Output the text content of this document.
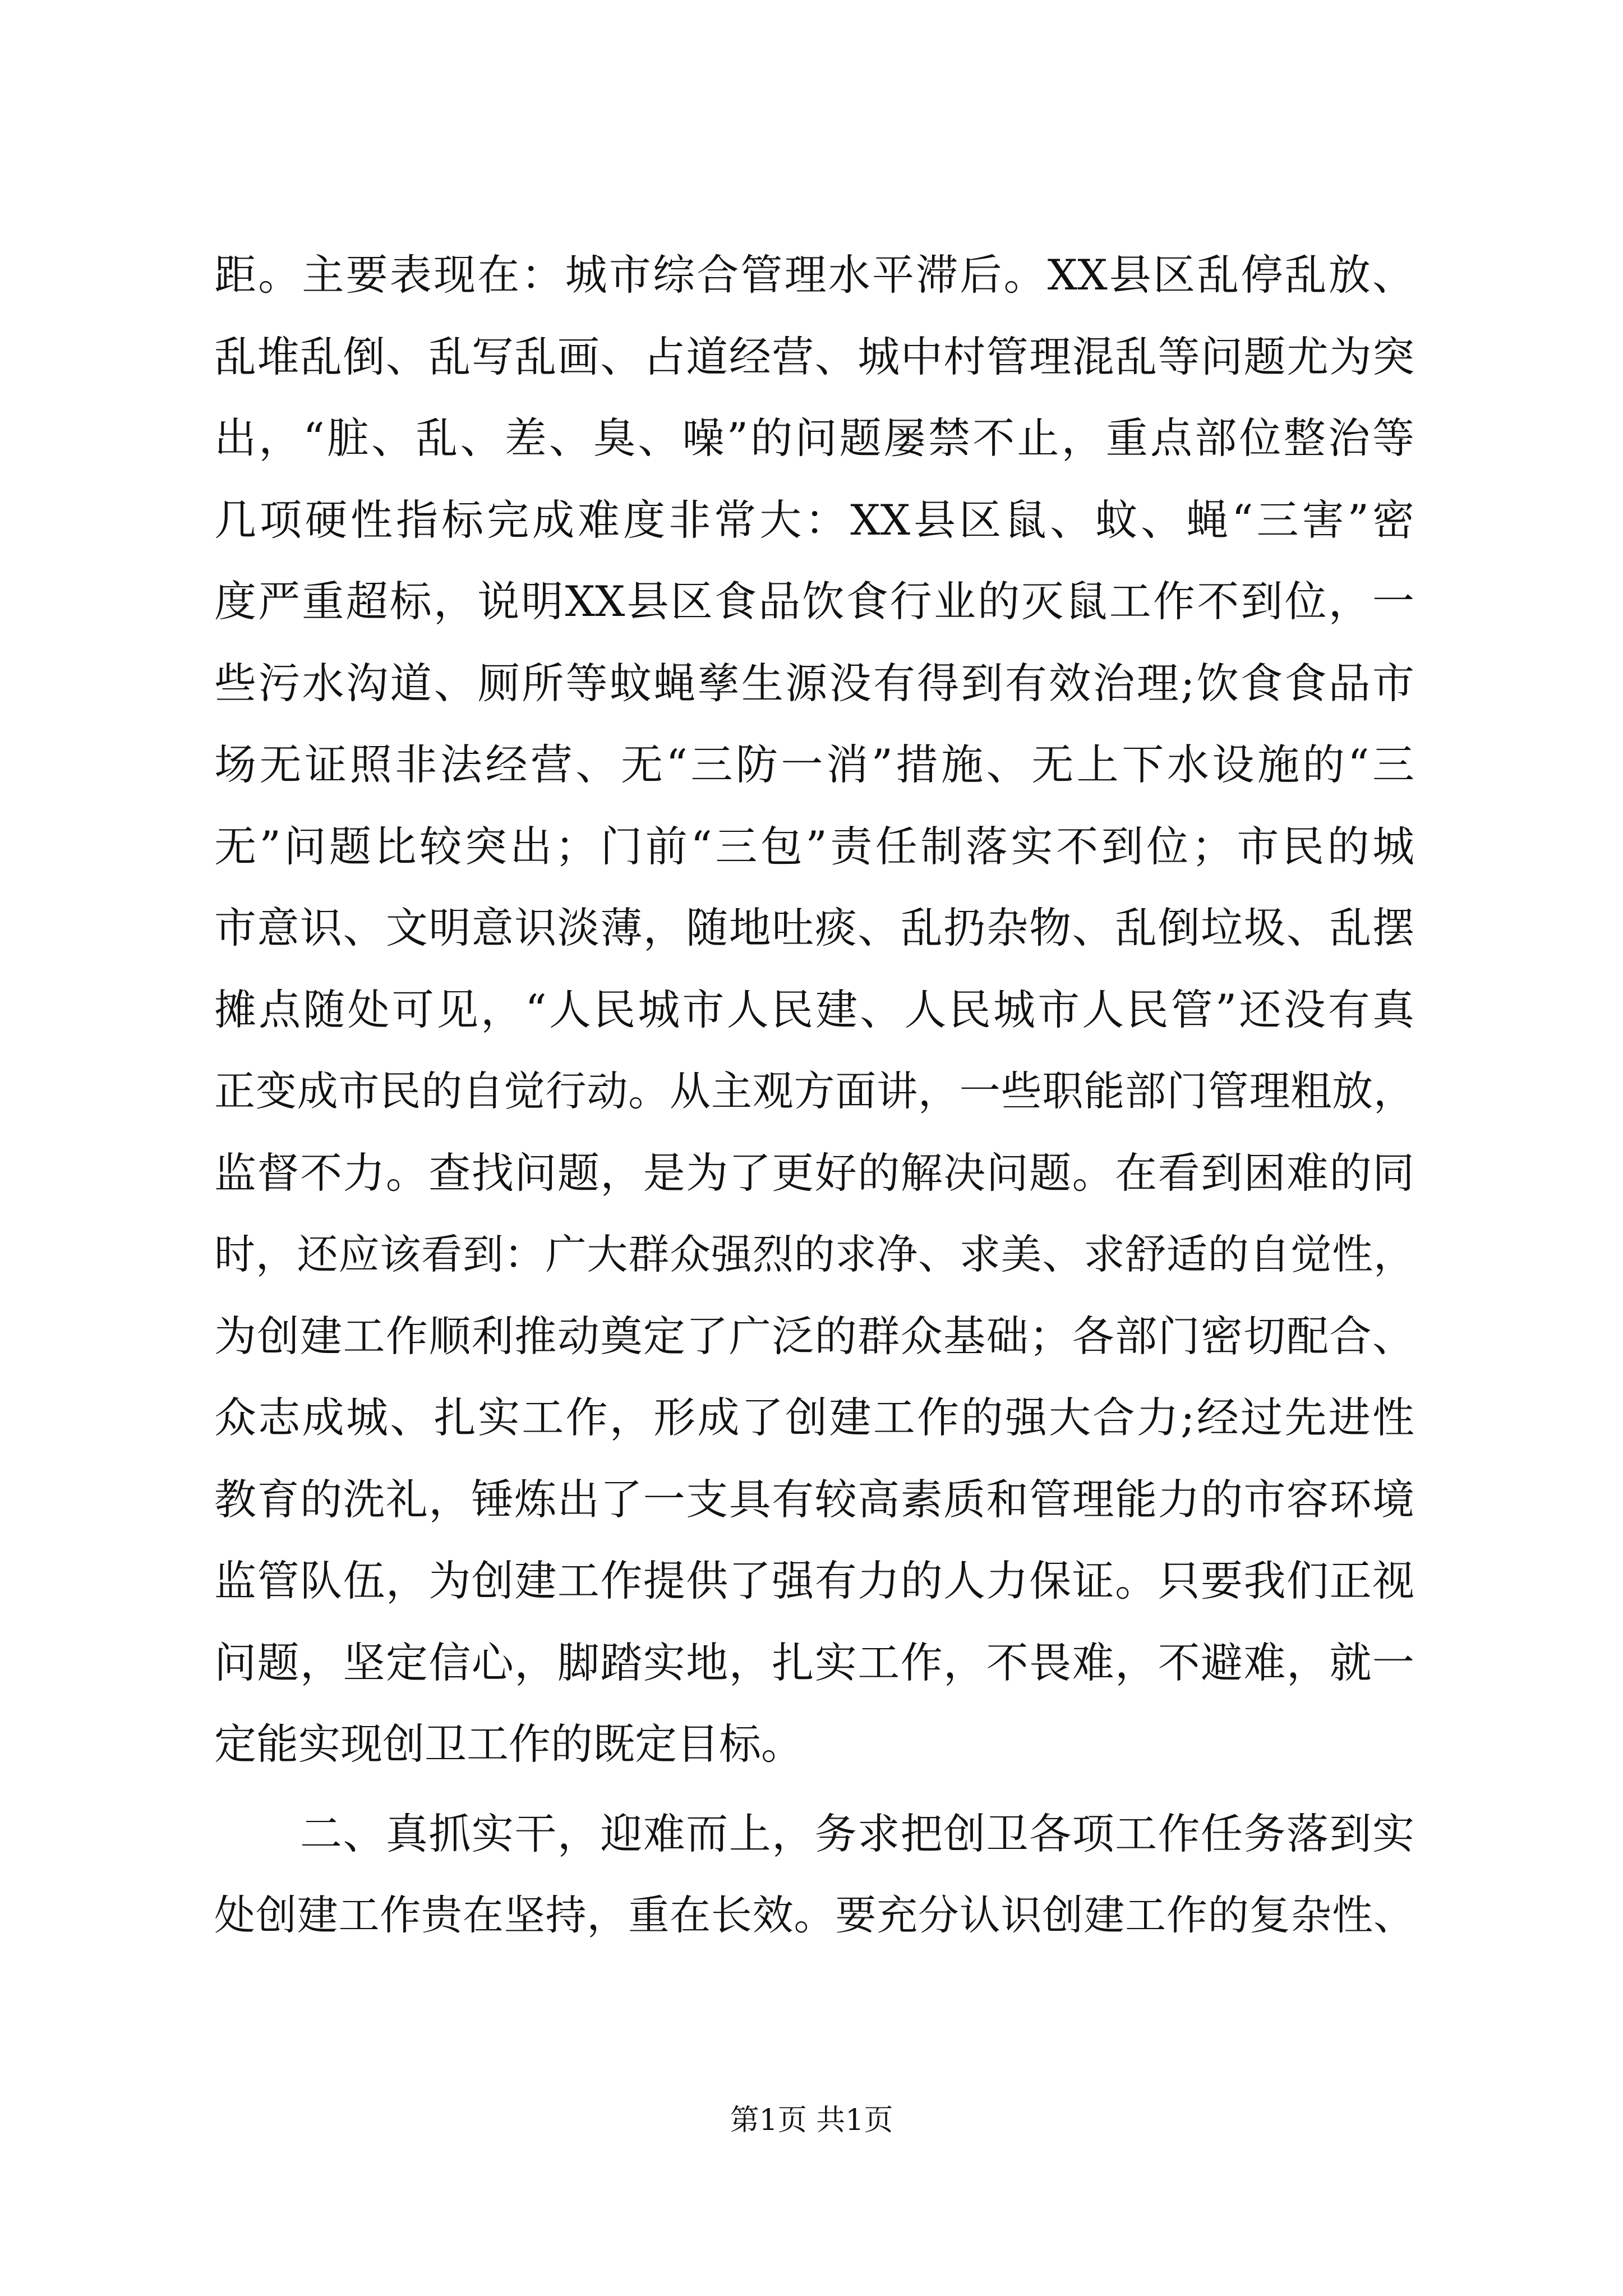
距。主要表现在：城市综合管理水平滞后。XX县区乱停乱放、
乱堆乱倒、乱写乱画、占道经营、城中村管理混乱等问题尤为突
出，“脏、乱、差、臭、噪”的问题屡禁不止，重点部位整治等
几项硬性指标完成难度非常大：XX县区鼠、蚊、蝇“三害”密
度严重超标，说明XX县区食品饮食行业的灭鼠工作不到位，一
些污水沟道、厕所等蚊蝇孳生源没有得到有效治理;饮食食品市
场无证照非法经营、无“三防一消”措施、无上下水设施的“三
无”问题比较突出；门前“三包”责任制落实不到位；市民的城
市意识、文明意识淡薄，随地吐痰、乱扔杂物、乱倒垃圾、乱摆
摊点随处可见，“人民城市人民建、人民城市人民管”还没有真
正变成市民的自觉行动。从主观方面讲，一些职能部门管理粗放，
监督不力。查找问题，是为了更好的解决问题。在看到困难的同
时，还应该看到：广大群众强烈的求净、求美、求舒适的自觉性，
为创建工作顺利推动奠定了广泛的群众基础；各部门密切配合、
众志成城、扎实工作，形成了创建工作的强大合力;经过先进性
教育的洗礼，锤炼出了一支具有较高素质和管理能力的市容环境
监管队伍，为创建工作提供了强有力的人力保证。只要我们正视
问题，坚定信心，脚踏实地，扎实工作，不畏难，不避难，就一
定能实现创卫工作的既定目标。
　　二、真抓实干，迎难而上，务求把创卫各项工作任务落到实
处创建工作贵在坚持，重在长效。要充分认识创建工作的复杂性、
第1页 共1页
